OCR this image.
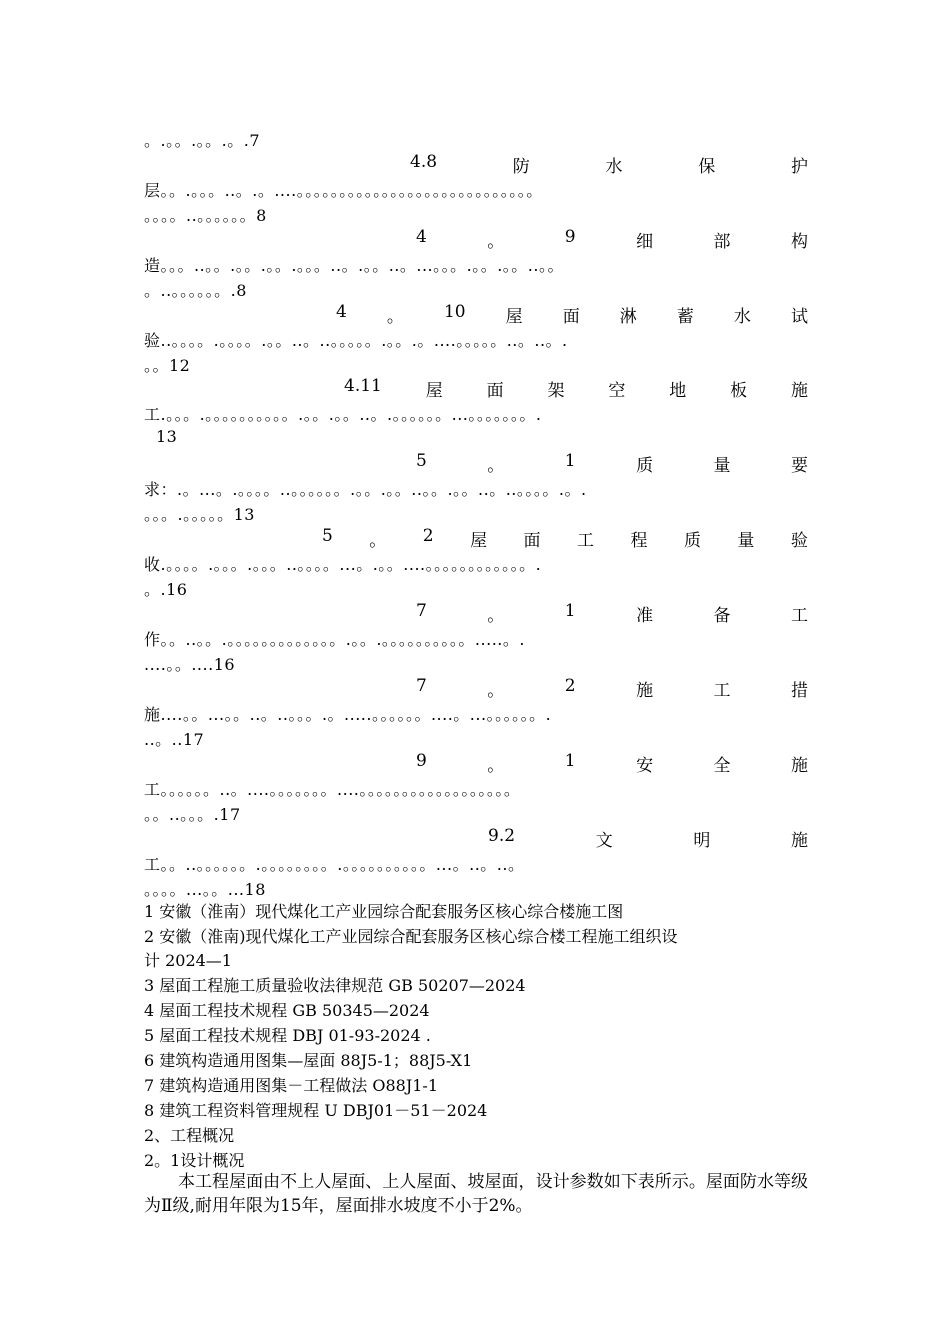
。.。。.。。.。.7
4.8	防	水	保	护
层。。.。。。..。.。....。。。。。。。。。。。。。。。。。。。。。。。。。。。。
。。。。..。。。。。。8
4	。	9	细	部	构
造。。。..。。.。。.。。.。。。..。.。。..。...。。。.。。.。。..。。
。..。。。。。。.8
4 。 10 屋 面 淋 蓄 水 试
验..。。。。.。。。。.。。..。..。。。。。.。。.。....。。。。。..。..。.
。。12
4.11	屋	面	架	空	地	板	施
工.。。。.。。。。。。。。。。.。。.。。..。.。。。。。。...。。。。。。。.
13
5	。	1	质	量	要
求：.。...。.。。。。..。。。。。。.。。.。。..。。.。。..。..。。。。.。.
。。。.。。。。。13
5 。 2 屋 面 工 程 质 量 验
收.。。。。.。。。.。。。..。。。。...。.。。....。。。。。。。。。。。。.
。.16
7	。	1	准	备	工
作。。..。。.。。。。。。。。。。。。。.。。.。。。。。。。。。。.....。.
....。。....16
7	。	2	施	工	措
施....。。...。。..。..。。。.。.....。。。。。。....。...。。。。。。.
..。..17
9	。	1	安	全	施
工。。。。。。..。....。。。。。。。....。。。。。。。。。。。。。。。。。。
。。..。。。.17
9.2	文	明	施
工。。..。。。。。。.。。。。。。。。.。。。。。。。。。。...。..。..。
。。。。...。。...18
1 安徽（淮南）现代煤化工产业园综合配套服务区核心综合楼施工图
2 安徽（淮南)现代煤化工产业园综合配套服务区核心综合楼工程施工组织设
计 2024—1
3 屋面工程施工质量验收法律规范 GB 50207—2024
4 屋面工程技术规程 GB 50345—2024
5 屋面工程技术规程 DBJ 01-93-2024 .
6 建筑构造通用图集—屋面 88J5-1；88J5-X1
7 建筑构造通用图集－工程做法 O88J1-1
8 建筑工程资料管理规程 U DBJ01－51－2024
2、工程概况
2。1设计概况
本工程屋面由不上人屋面、上人屋面、坡屋面，设计参数如下表所示。屋面防水等级为Ⅱ级,耐用年限为15年，屋面排水坡度不小于2%。
